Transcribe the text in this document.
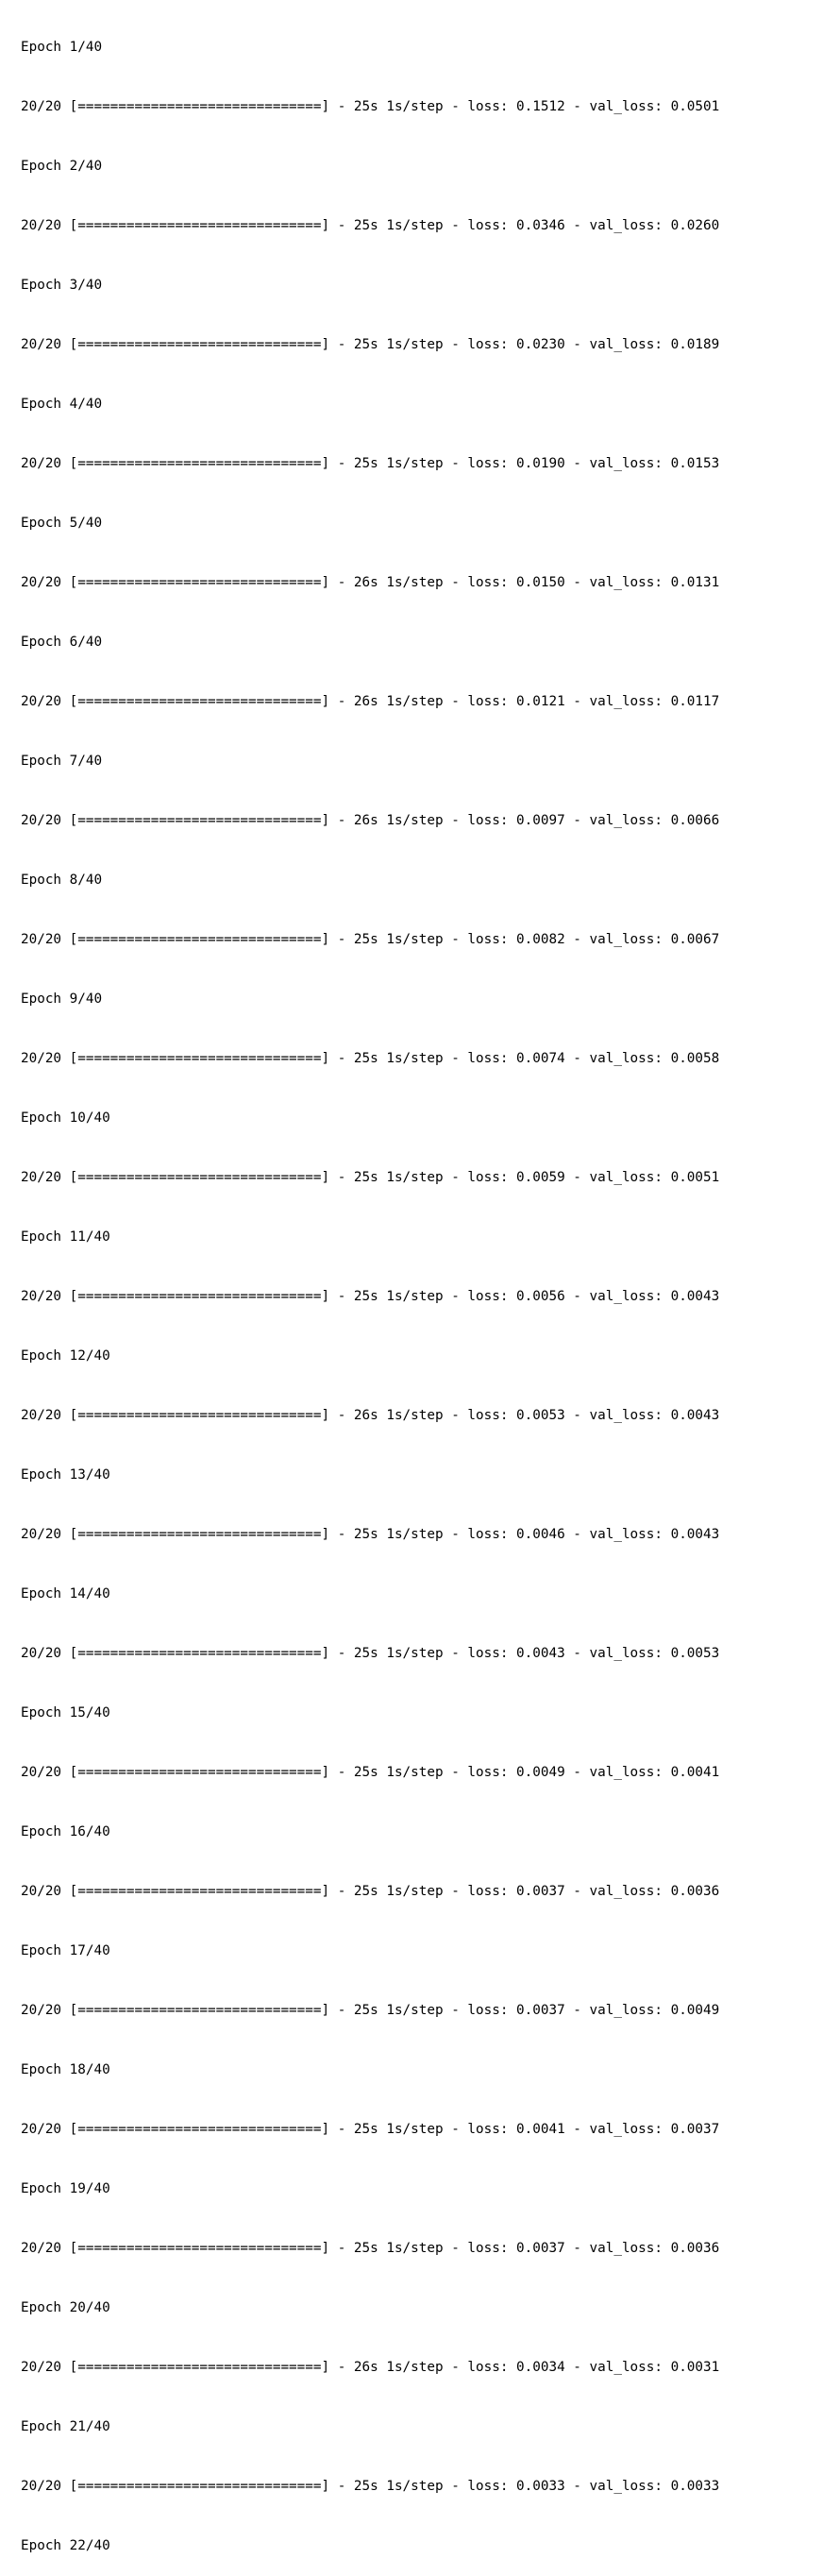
Epoch 1/40

20/20 [==============================] - 25s 1s/step - loss: 0.1512 - val_loss: 0.0501

Epoch 2/40

20/20 [==============================] - 25s 1s/step - loss: 0.0346 - val_loss: 0.0260

Epoch 3/40

20/20 [==============================] - 25s 1s/step - loss: 0.0230 - val_loss: 0.0189

Epoch 4/40

20/20 [==============================] - 25s 1s/step - loss: 0.0190 - val_loss: 0.0153

Epoch 5/40

20/20 [==============================] - 26s 1s/step - loss: 0.0150 - val_loss: 0.0131

Epoch 6/40

20/20 [==============================] - 26s 1s/step - loss: 0.0121 - val_loss: 0.0117

Epoch 7/40

20/20 [==============================] - 26s 1s/step - loss: 0.0097 - val_loss: 0.0066

Epoch 8/40

20/20 [==============================] - 25s 1s/step - loss: 0.0082 - val_loss: 0.0067

Epoch 9/40

20/20 [==============================] - 25s 1s/step - loss: 0.0074 - val_loss: 0.0058

Epoch 10/40

20/20 [==============================] - 25s 1s/step - loss: 0.0059 - val_loss: 0.0051

Epoch 11/40

20/20 [==============================] - 25s 1s/step - loss: 0.0056 - val_loss: 0.0043

Epoch 12/40

20/20 [==============================] - 26s 1s/step - loss: 0.0053 - val_loss: 0.0043

Epoch 13/40

20/20 [==============================] - 25s 1s/step - loss: 0.0046 - val_loss: 0.0043

Epoch 14/40

20/20 [==============================] - 25s 1s/step - loss: 0.0043 - val_loss: 0.0053

Epoch 15/40

20/20 [==============================] - 25s 1s/step - loss: 0.0049 - val_loss: 0.0041

Epoch 16/40

20/20 [==============================] - 25s 1s/step - loss: 0.0037 - val_loss: 0.0036

Epoch 17/40

20/20 [==============================] - 25s 1s/step - loss: 0.0037 - val_loss: 0.0049

Epoch 18/40

20/20 [==============================] - 25s 1s/step - loss: 0.0041 - val_loss: 0.0037

Epoch 19/40

20/20 [==============================] - 25s 1s/step - loss: 0.0037 - val_loss: 0.0036

Epoch 20/40

20/20 [==============================] - 26s 1s/step - loss: 0.0034 - val_loss: 0.0031

Epoch 21/40

20/20 [==============================] - 25s 1s/step - loss: 0.0033 - val_loss: 0.0033

Epoch 22/40
